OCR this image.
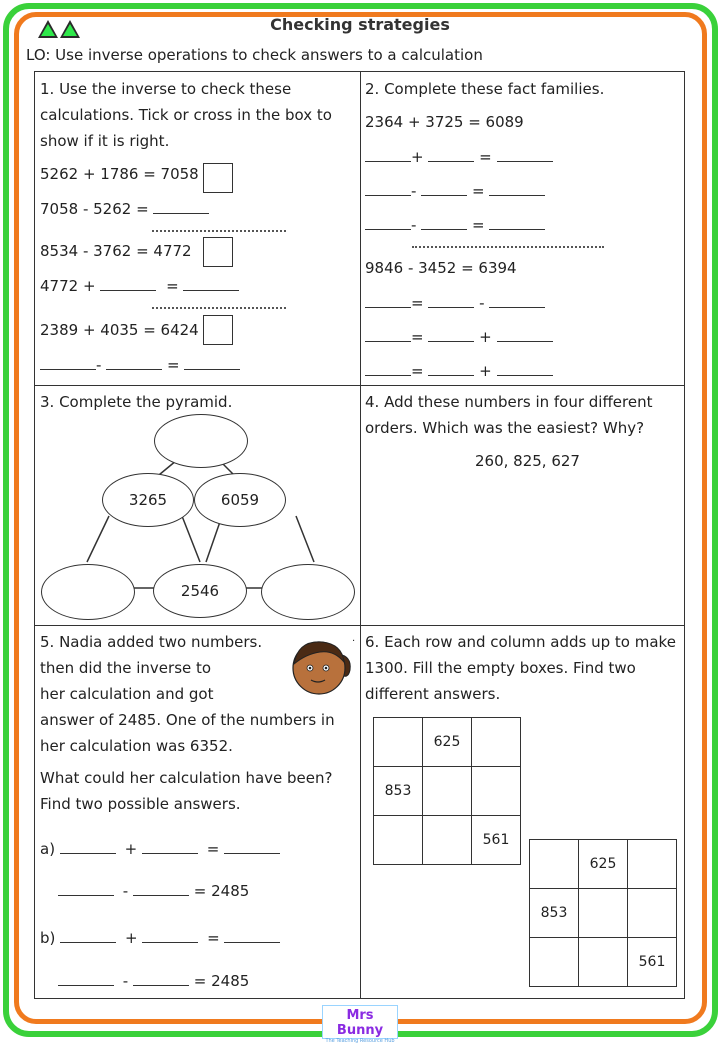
Checking strategies
LO: Use inverse operations to check answers to a calculation
1. Use the inverse to check these
calculations. Tick or cross in the box to
show if it is right.
5262 + 1786 = 7058
7058 - 5262 =
8534 - 3762 = 4772
4772 +	=
2389 + 4035 = 6424
-	=
2. Complete these fact families.
2364 + 3725 = 6089
+	=
-	=
-	=
9846 - 3452 = 6394
=	-
=	+
=	+
3. Complete the pyramid.
3265	6059
2546
4. Add these numbers in four different
orders. Which was the easiest? Why?
260, 825, 627
5. Nadia added two numbers.
then did the inverse to
her calculation and got
answer of 2485. One of the numbers in
her calculation was 6352.
What could her calculation have been?
Find two possible answers.
·
a)	+	=
-	= 2485
b)	+	=
-	= 2485
6. Each row and column adds up to make
1300. Fill the empty boxes. Find two
different answers.
	625	
853		
		561
	625	
853		
		561
Mrs Bunny
The Teaching Resource Hub
